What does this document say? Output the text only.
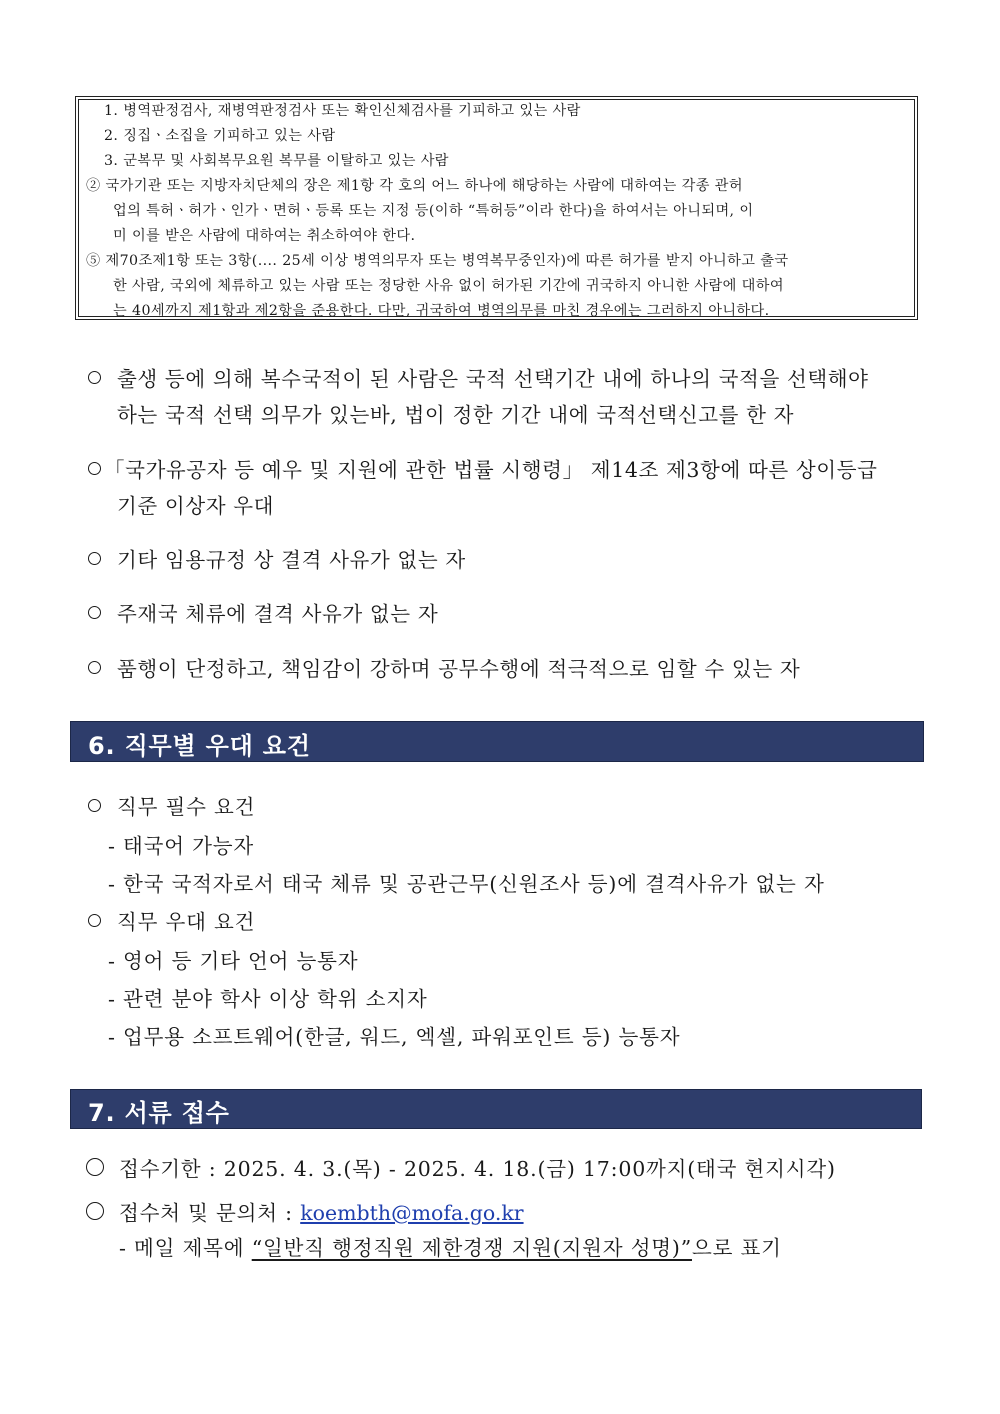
1. 병역판정검사, 재병역판정검사 또는 확인신체검사를 기피하고 있는 사람
2. 징집ㆍ소집을 기피하고 있는 사람
3. 군복무 및 사회복무요원 복무를 이탈하고 있는 사람
② 국가기관 또는 지방자치단체의 장은 제1항 각 호의 어느 하나에 해당하는 사람에 대하여는 각종 관허
업의 특허ㆍ허가ㆍ인가ㆍ면허ㆍ등록 또는 지정 등(이하 “특허등”이라 한다)을 하여서는 아니되며, 이
미 이를 받은 사람에 대하여는 취소하여야 한다.
⑤ 제70조제1항 또는 3항(.... 25세 이상 병역의무자 또는 병역복무중인자)에 따른 허가를 받지 아니하고 출국
한 사람, 국외에 체류하고 있는 사람 또는 정당한 사유 없이 허가된 기간에 귀국하지 아니한 사람에 대하여
는 40세까지 제1항과 제2항을 준용한다. 다만, 귀국하여 병역의무를 마친 경우에는 그러하지 아니하다.
출생 등에 의해 복수국적이 된 사람은 국적 선택기간 내에 하나의 국적을 선택해야
하는 국적 선택 의무가 있는바, 법이 정한 기간 내에 국적선택신고를 한 자
「국가유공자 등 예우 및 지원에 관한 법률 시행령」 제14조 제3항에 따른 상이등급
기준 이상자 우대
기타 임용규정 상 결격 사유가 없는 자
주재국 체류에 결격 사유가 없는 자
품행이 단정하고, 책임감이 강하며 공무수행에 적극적으로 임할 수 있는 자
6. 직무별 우대 요건
직무 필수 요건
- 태국어 가능자
- 한국 국적자로서 태국 체류 및 공관근무(신원조사 등)에 결격사유가 없는 자
직무 우대 요건
- 영어 등 기타 언어 능통자
- 관련 분야 학사 이상 학위 소지자
- 업무용 소프트웨어(한글, 워드, 엑셀, 파워포인트 등) 능통자
7. 서류 접수
접수기한 : 2025. 4. 3.(목) - 2025. 4. 18.(금) 17:00까지(태국 현지시각)
접수처 및 문의처 : koembth@mofa.go.kr
- 메일 제목에 “일반직 행정직원 제한경쟁 지원(지원자 성명)”으로 표기
